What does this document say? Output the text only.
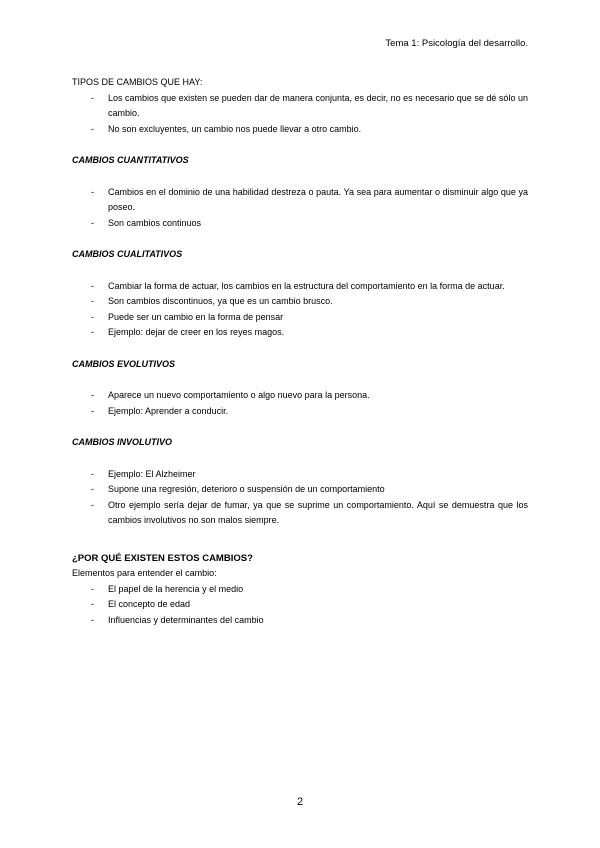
Tema 1: Psicología del desarrollo.

TIPOS DE CAMBIOS QUE HAY:

- Los cambios que existen se pueden dar de manera conjunta, es decir, no es necesario que se dé sólo un cambio.
- No son excluyentes, un cambio nos puede llevar a otro cambio.

CAMBIOS CUANTITATIVOS

- Cambios en el dominio de una habilidad destreza o pauta. Ya sea para aumentar o disminuir algo que ya poseo.
- Son cambios continuos

CAMBIOS CUALITATIVOS

- Cambiar la forma de actuar, los cambios en la estructura del comportamiento en la forma de actuar.
- Son cambios discontinuos, ya que es un cambio brusco.
- Puede ser un cambio en la forma de pensar
- Ejemplo: dejar de creer en los reyes magos.

CAMBIOS EVOLUTIVOS

- Aparece un nuevo comportamiento o algo nuevo para la persona.
- Ejemplo: Aprender a conducir.

CAMBIOS INVOLUTIVO

- Ejemplo: El Alzheimer
- Supone una regresión, deterioro o suspensión de un comportamiento
- Otro ejemplo sería dejar de fumar, ya que se suprime un comportamiento. Aquí se demuestra que los cambios involutivos no son malos siempre.

¿POR QUÉ EXISTEN ESTOS CAMBIOS?

Elementos para entender el cambio:

- El papel de la herencia y el medio
- El concepto de edad
- Influencias y determinantes del cambio
2
